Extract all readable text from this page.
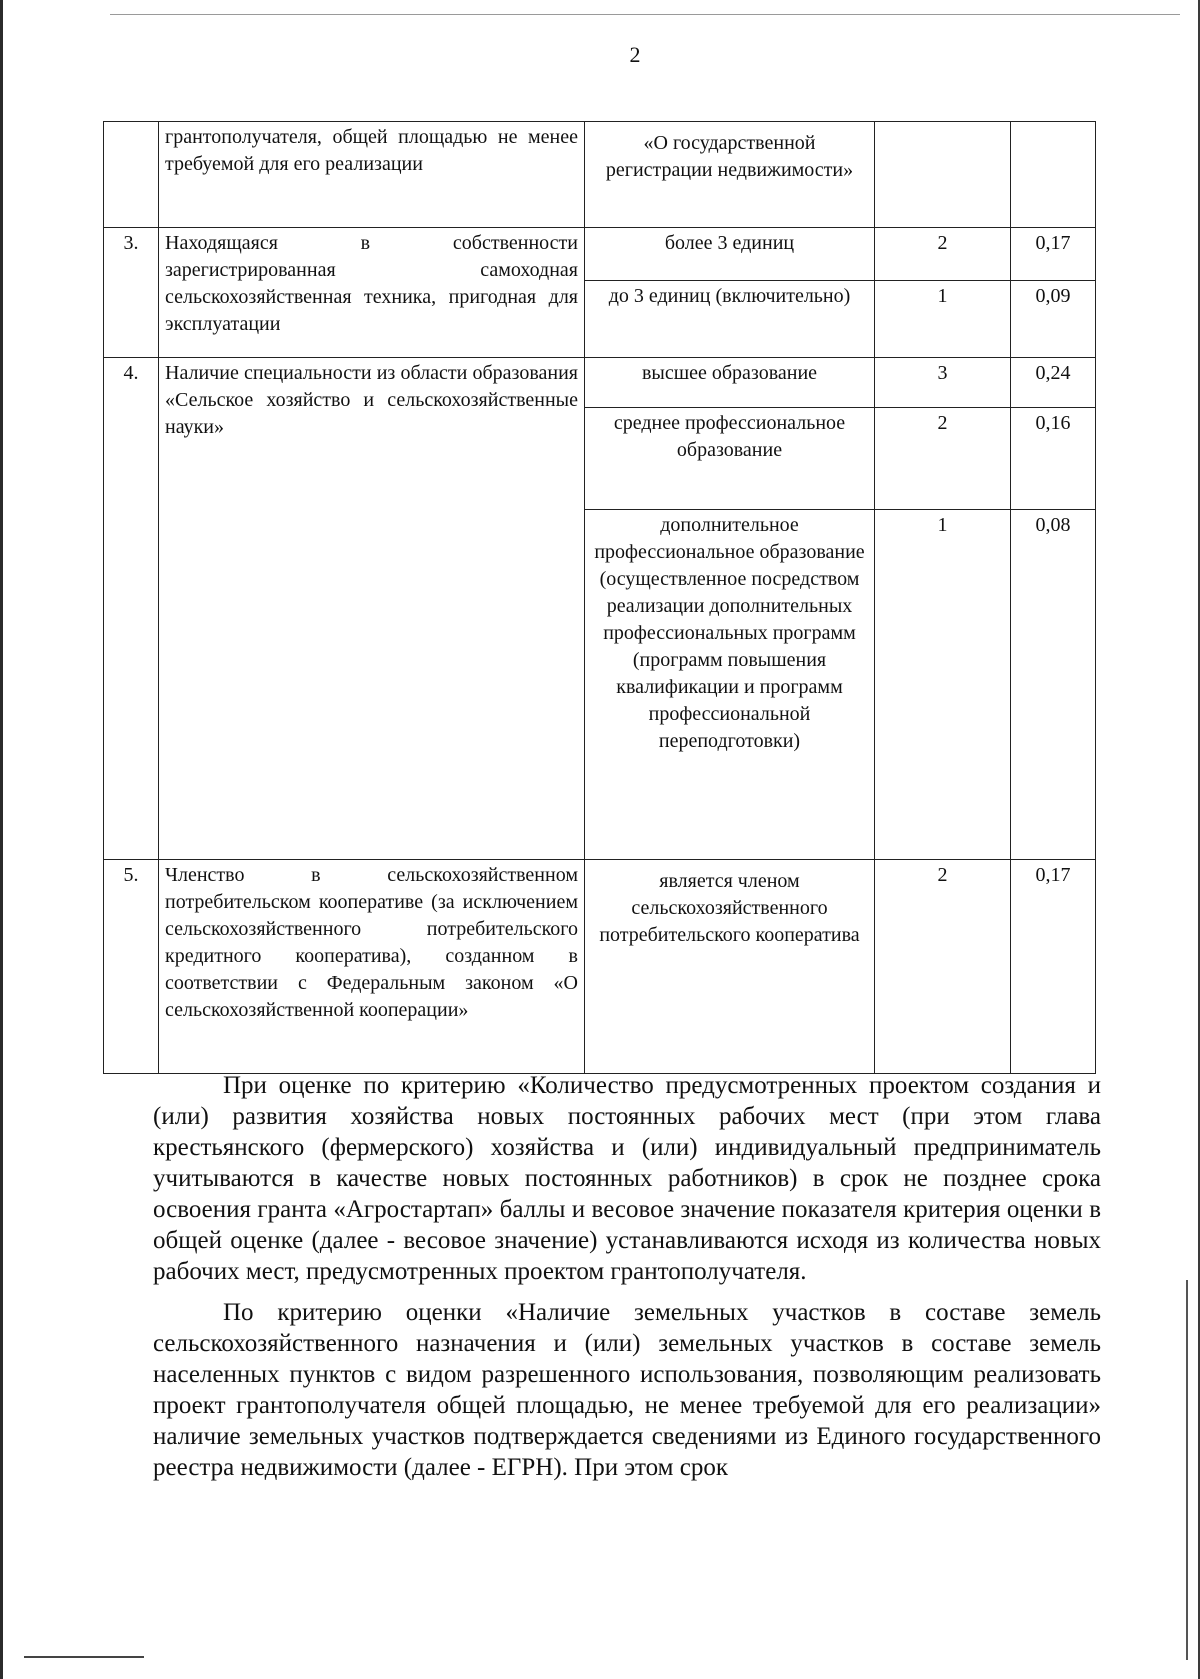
2
	грантополучателя, общей площадью не менее требуемой для его реализации	«О государственной регистрации недвижимости»		
3.	Находящаяся в собственности зарегистрированная самоходная сельскохозяйственная техника, пригодная для эксплуатации	более 3 единиц	2	0,17
		до 3 единиц (включительно)	1	0,09
4.	Наличие специальности из области образования «Сельское хозяйство и сельскохозяйственные науки»	высшее образование	3	0,24
		среднее профессиональное образование	2	0,16
		дополнительное профессиональное образование (осуществленное посредством реализации дополнительных профессиональных программ (программ повышения квалификации и программ профессиональной переподготовки)	1	0,08
5.	Членство в сельскохозяйственном потребительском кооперативе (за исключением сельскохозяйственного потребительского кредитного кооператива), созданном в соответствии с Федеральным законом «О сельскохозяйственной кооперации»	является членом сельскохозяйственного потребительского кооператива	2	0,17

При оценке по критерию «Количество предусмотренных проектом создания и (или) развития хозяйства новых постоянных рабочих мест (при этом глава крестьянского (фермерского) хозяйства и (или) индивидуальный предприниматель учитываются в качестве новых постоянных работников) в срок не позднее срока освоения гранта «Агростартап» баллы и весовое значение показателя критерия оценки в общей оценке (далее - весовое значение) устанавливаются исходя из количества новых рабочих мест, предусмотренных проектом грантополучателя.

По критерию оценки «Наличие земельных участков в составе земель сельскохозяйственного назначения и (или) земельных участков в составе земель населенных пунктов с видом разрешенного использования, позволяющим реализовать проект грантополучателя общей площадью, не менее требуемой для его реализации» наличие земельных участков подтверждается сведениями из Единого государственного реестра недвижимости (далее - ЕГРН). При этом срок
